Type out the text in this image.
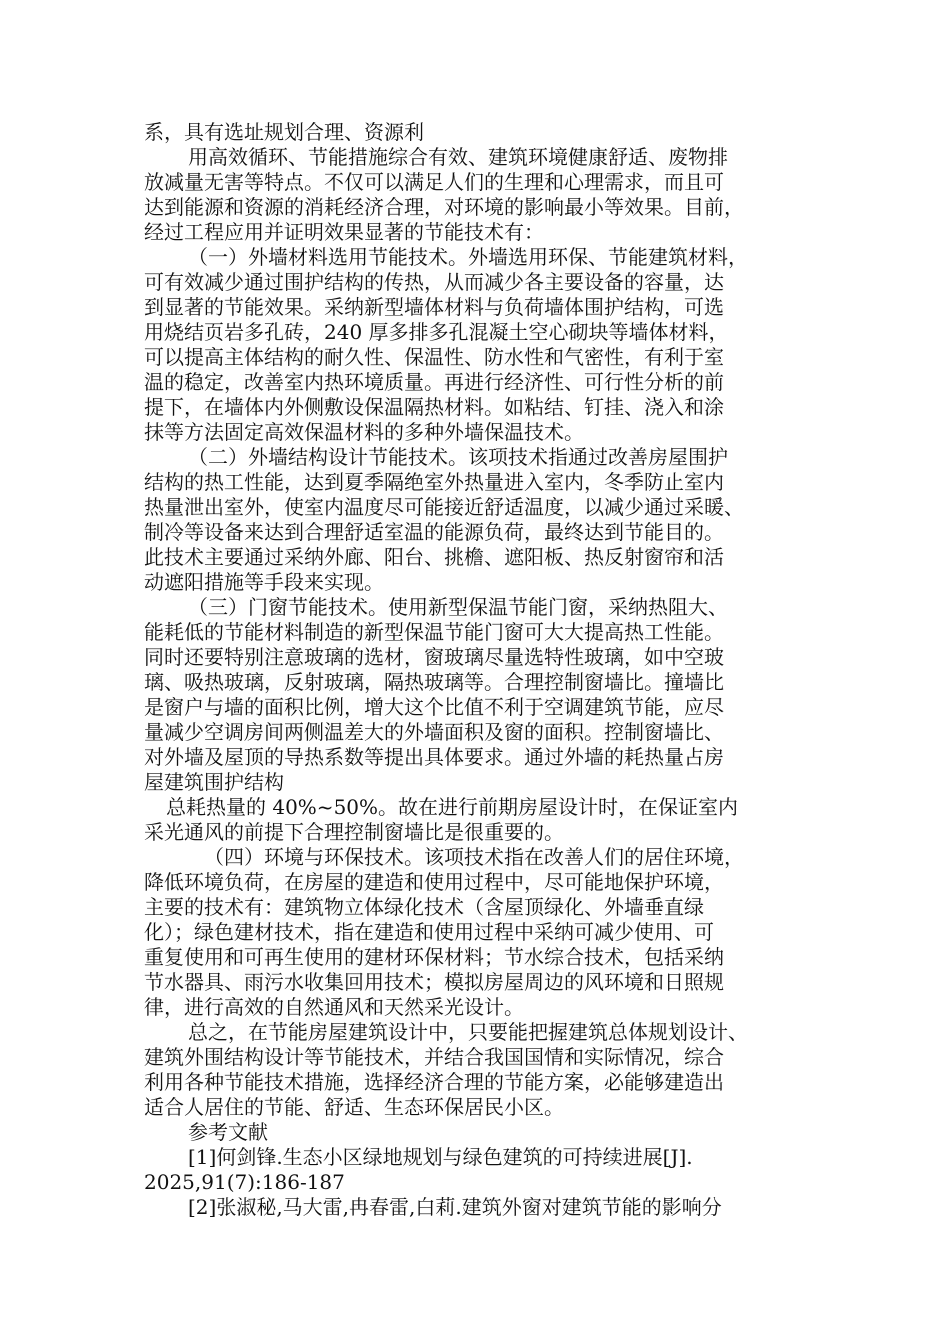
系，具有选址规划合理、资源利
用高效循环、节能措施综合有效、建筑环境健康舒适、废物排
放减量无害等特点。不仅可以满足人们的生理和心理需求，而且可
达到能源和资源的消耗经济合理，对环境的影响最小等效果。目前，
经过工程应用并证明效果显著的节能技术有：
（一）外墙材料选用节能技术。外墙选用环保、节能建筑材料，
可有效减少通过围护结构的传热，从而减少各主要设备的容量，达
到显著的节能效果。采纳新型墙体材料与负荷墙体围护结构，可选
用烧结页岩多孔砖，240 厚多排多孔混凝土空心砌块等墙体材料，
可以提高主体结构的耐久性、保温性、防水性和气密性，有利于室
温的稳定，改善室内热环境质量。再进行经济性、可行性分析的前
提下，在墙体内外侧敷设保温隔热材料。如粘结、钉挂、浇入和涂
抹等方法固定高效保温材料的多种外墙保温技术。
（二）外墙结构设计节能技术。该项技术指通过改善房屋围护
结构的热工性能，达到夏季隔绝室外热量进入室内，冬季防止室内
热量泄出室外，使室内温度尽可能接近舒适温度，以减少通过采暖、
制冷等设备来达到合理舒适室温的能源负荷，最终达到节能目的。
此技术主要通过采纳外廊、阳台、挑檐、遮阳板、热反射窗帘和活
动遮阳措施等手段来实现。
（三）门窗节能技术。使用新型保温节能门窗，采纳热阻大、
能耗低的节能材料制造的新型保温节能门窗可大大提高热工性能。
同时还要特别注意玻璃的选材，窗玻璃尽量选特性玻璃，如中空玻
璃、吸热玻璃，反射玻璃，隔热玻璃等。合理控制窗墙比。撞墙比
是窗户与墙的面积比例，增大这个比值不利于空调建筑节能，应尽
量减少空调房间两侧温差大的外墙面积及窗的面积。控制窗墙比、
对外墙及屋顶的导热系数等提出具体要求。通过外墙的耗热量占房
屋建筑围护结构
总耗热量的 40%~50%。故在进行前期房屋设计时，在保证室内
采光通风的前提下合理控制窗墙比是很重要的。
（四）环境与环保技术。该项技术指在改善人们的居住环境，
降低环境负荷，在房屋的建造和使用过程中，尽可能地保护环境，
主要的技术有：建筑物立体绿化技术（含屋顶绿化、外墙垂直绿
化）；绿色建材技术，指在建造和使用过程中采纳可减少使用、可
重复使用和可再生使用的建材环保材料；节水综合技术，包括采纳
节水器具、雨污水收集回用技术；模拟房屋周边的风环境和日照规
律，进行高效的自然通风和天然采光设计。
总之，在节能房屋建筑设计中，只要能把握建筑总体规划设计、
建筑外围结构设计等节能技术，并结合我国国情和实际情况，综合
利用各种节能技术措施，选择经济合理的节能方案，必能够建造出
适合人居住的节能、舒适、生态环保居民小区。
参考文献
[1]何剑锋.生态小区绿地规划与绿色建筑的可持续进展[J].
2025,91(7):186-187
[2]张淑秘,马大雷,冉春雷,白莉.建筑外窗对建筑节能的影响分
